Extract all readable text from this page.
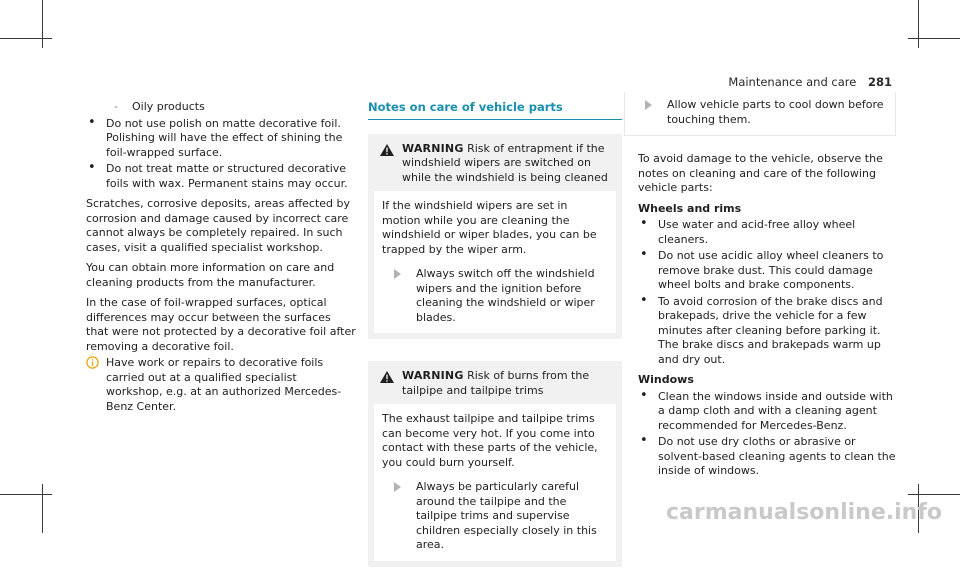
Maintenance and care 281
- Oily products
• Do not use polish on matte decorative foil. Polishing will have the effect of shining the foil-wrapped surface.
• Do not treat matte or structured decorative foils with wax. Permanent stains may occur.

Scratches, corrosive deposits, areas affected by corrosion and damage caused by incorrect care cannot always be completely repaired. In such cases, visit a qualified specialist workshop.

You can obtain more information on care and cleaning products from the manufacturer.

In the case of foil-wrapped surfaces, optical differences may occur between the surfaces that were not protected by a decorative foil after removing a decorative foil.

Have work or repairs to decorative foils carried out at a qualified specialist workshop, e.g. at an authorized Mercedes-Benz Center.
Notes on care of vehicle parts
WARNING Risk of entrapment if the windshield wipers are switched on while the windshield is being cleaned
If the windshield wipers are set in motion while you are cleaning the windshield or wiper blades, you can be trapped by the wiper arm.
Always switch off the windshield wipers and the ignition before cleaning the windshield or wiper blades.
WARNING Risk of burns from the tailpipe and tailpipe trims
The exhaust tailpipe and tailpipe trims can become very hot. If you come into contact with these parts of the vehicle, you could burn yourself.
Always be particularly careful around the tailpipe and the tailpipe trims and supervise children especially closely in this area.
Allow vehicle parts to cool down before touching them.

To avoid damage to the vehicle, observe the notes on cleaning and care of the following vehicle parts:

Wheels and rims
• Use water and acid-free alloy wheel cleaners.
• Do not use acidic alloy wheel cleaners to remove brake dust. This could damage wheel bolts and brake components.
• To avoid corrosion of the brake discs and brakepads, drive the vehicle for a few minutes after cleaning before parking it. The brake discs and brakepads warm up and dry out.
Windows
• Clean the windows inside and outside with a damp cloth and with a cleaning agent recommended for Mercedes-Benz.
• Do not use dry cloths or abrasive or solvent-based cleaning agents to clean the inside of windows.
carmanualsonline.info
